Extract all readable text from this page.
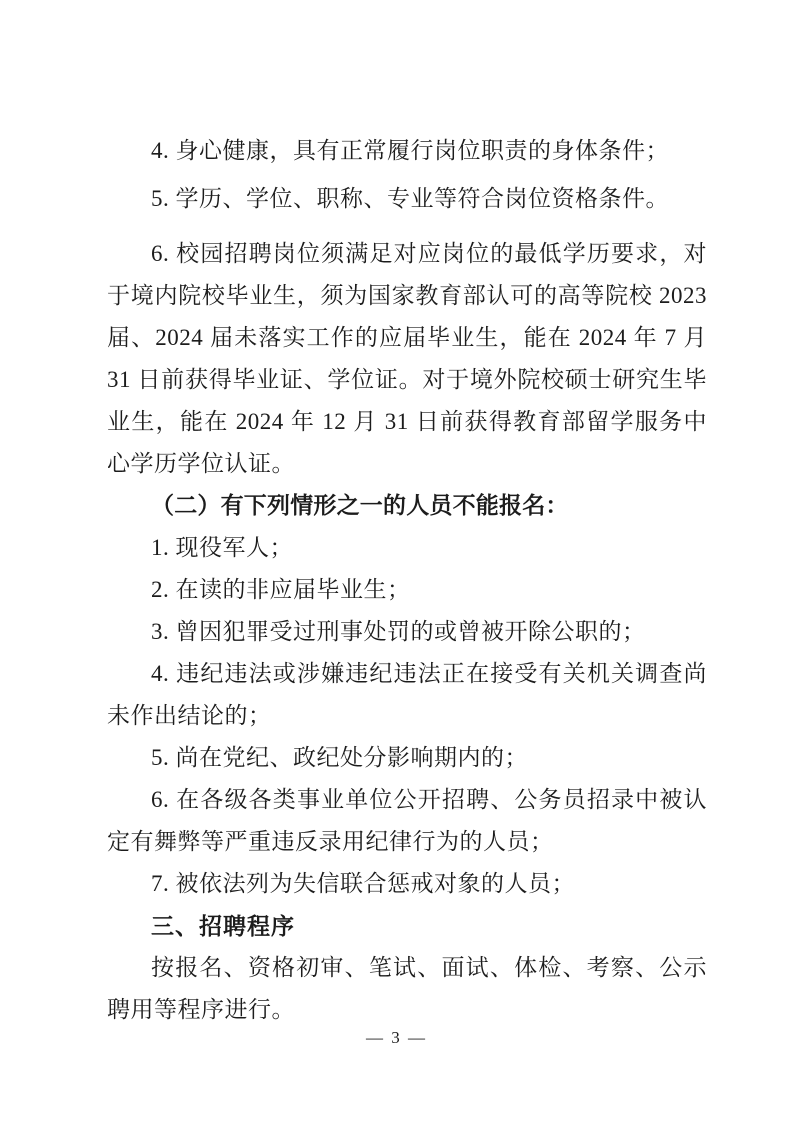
4. 身心健康，具有正常履行岗位职责的身体条件；

5. 学历、学位、职称、专业等符合岗位资格条件。

6. 校园招聘岗位须满足对应岗位的最低学历要求，对于境内院校毕业生，须为国家教育部认可的高等院校 2023 届、2024 届未落实工作的应届毕业生，能在 2024 年 7 月 31 日前获得毕业证、学位证。对于境外院校硕士研究生毕业生，能在 2024 年 12 月 31 日前获得教育部留学服务中心学历学位认证。

（二）有下列情形之一的人员不能报名：

1. 现役军人；

2. 在读的非应届毕业生；

3. 曾因犯罪受过刑事处罚的或曾被开除公职的；

4. 违纪违法或涉嫌违纪违法正在接受有关机关调查尚未作出结论的；

5. 尚在党纪、政纪处分影响期内的；

6. 在各级各类事业单位公开招聘、公务员招录中被认定有舞弊等严重违反录用纪律行为的人员；

7. 被依法列为失信联合惩戒对象的人员；

三、招聘程序

按报名、资格初审、笔试、面试、体检、考察、公示聘用等程序进行。

— 3 —
